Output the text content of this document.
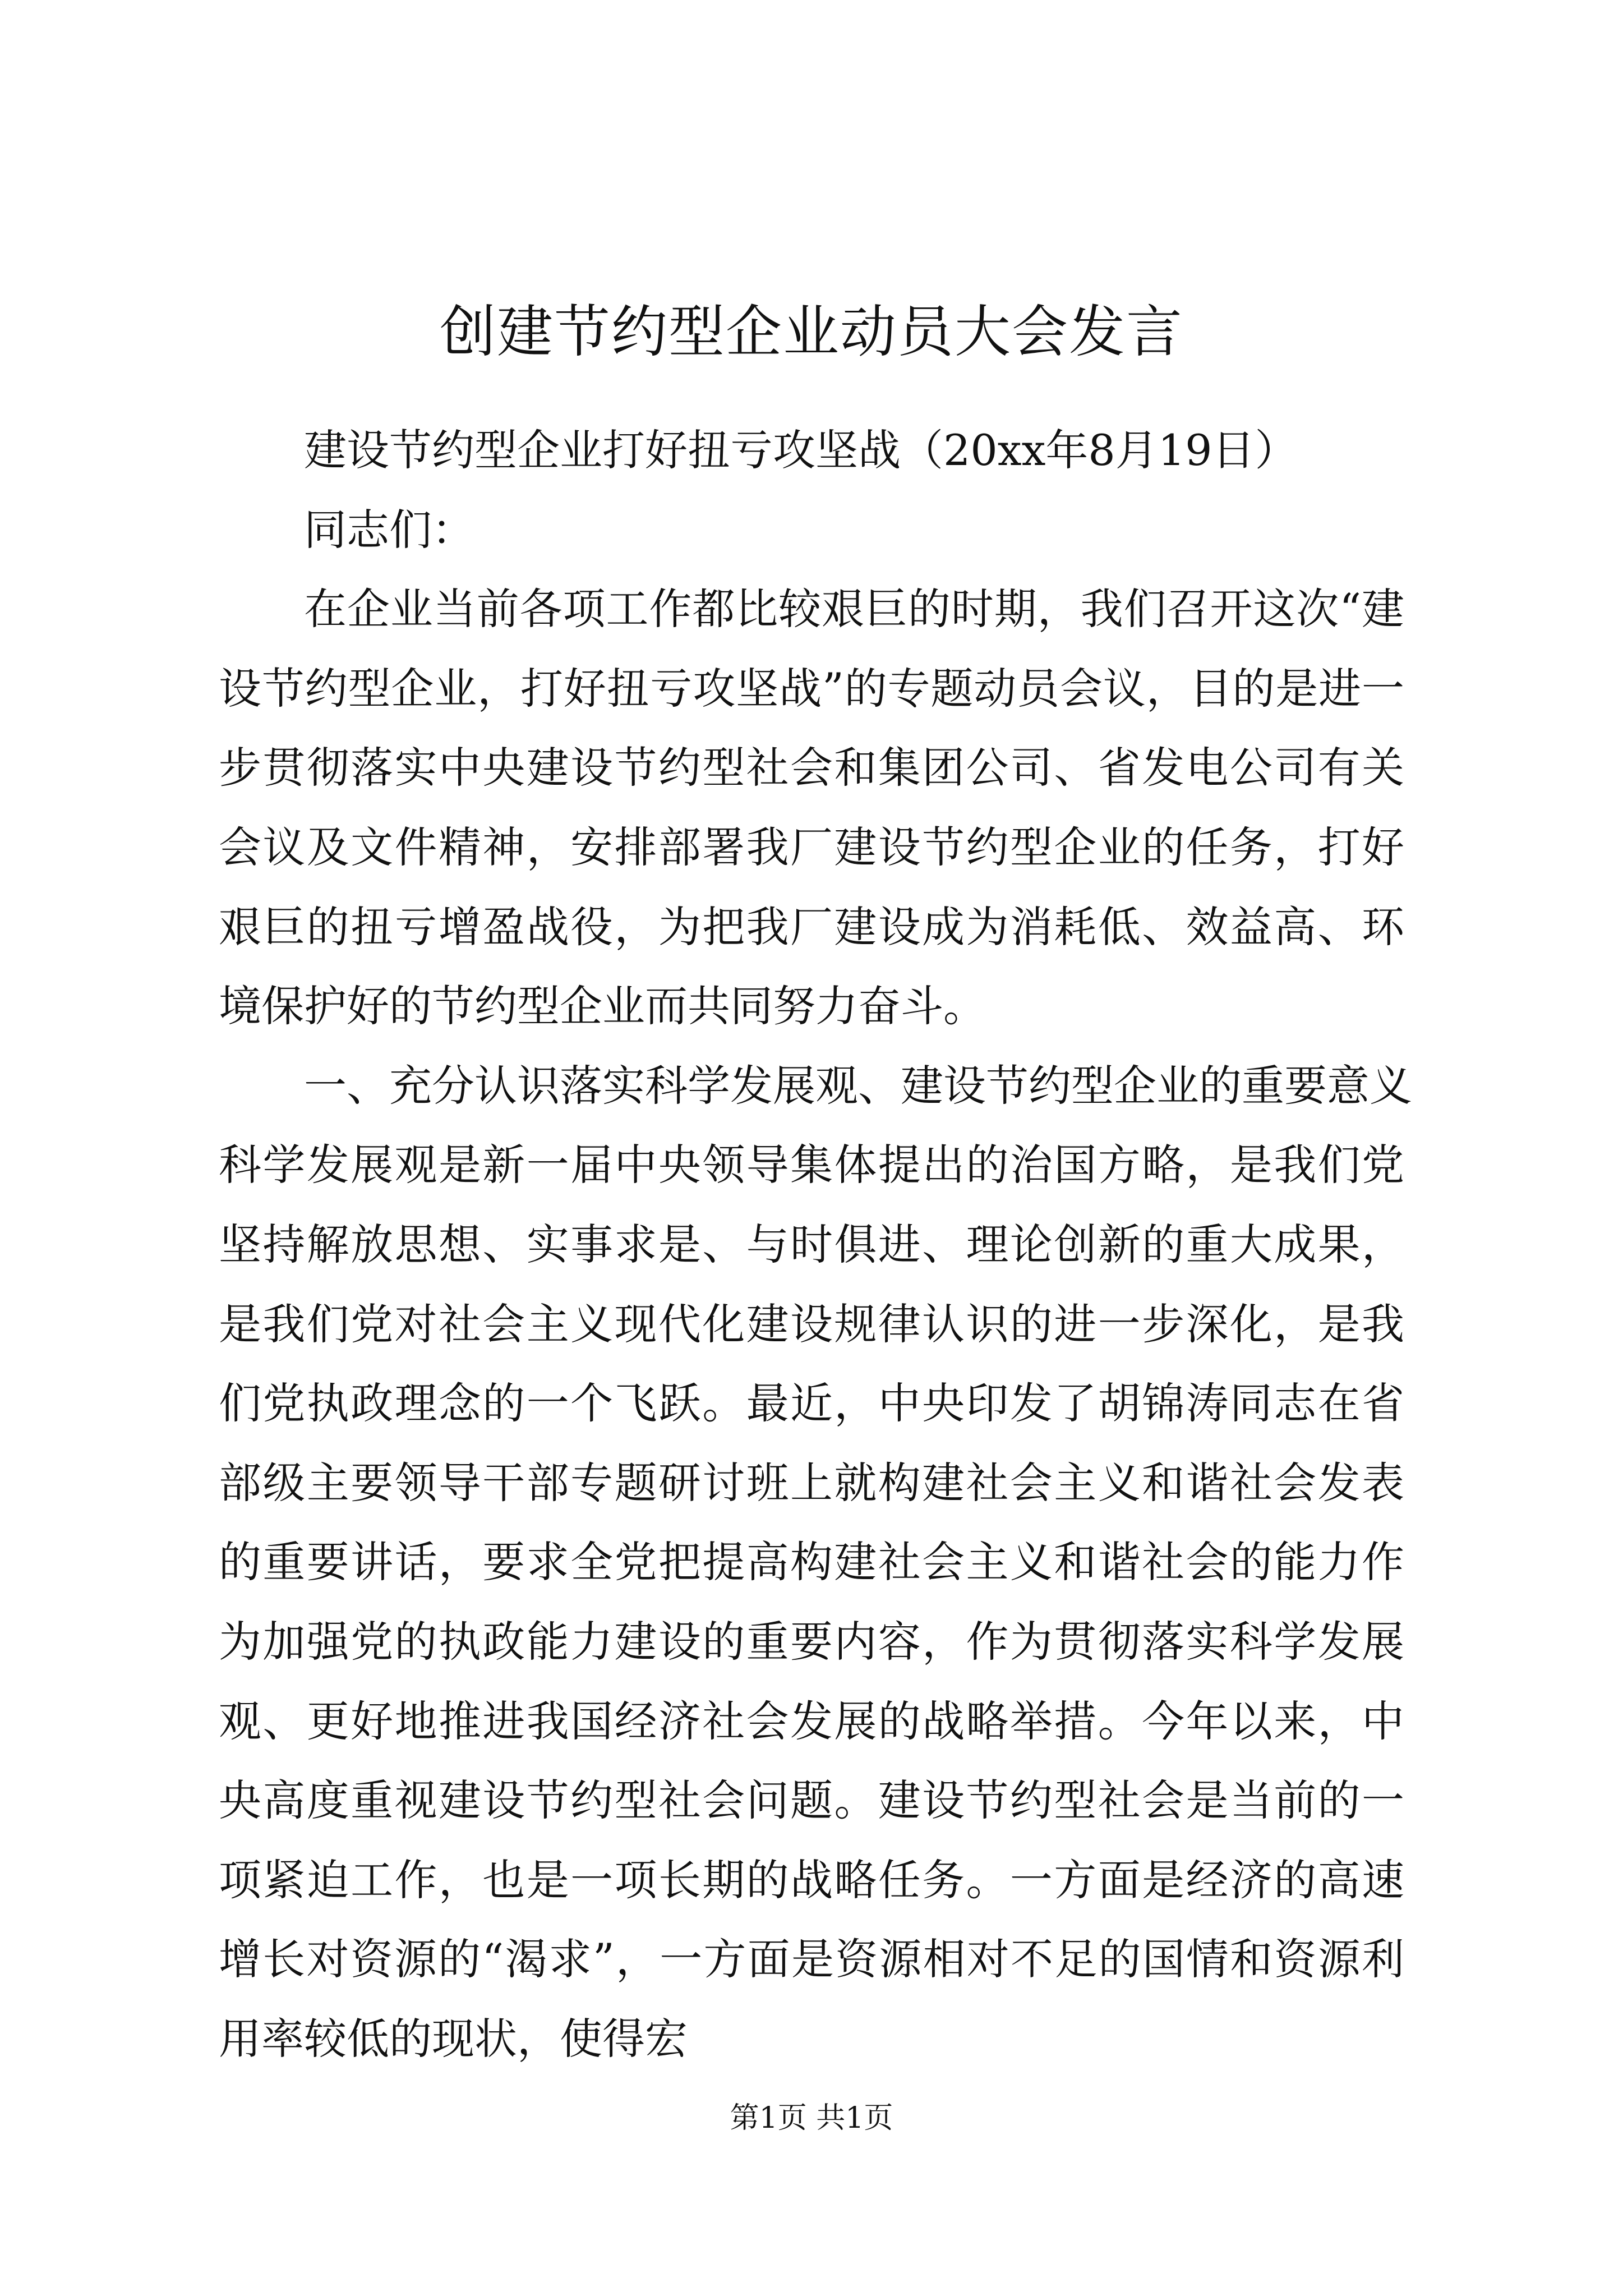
创建节约型企业动员大会发言

建设节约型企业打好扭亏攻坚战（20xx年8月19日）

同志们：

在企业当前各项工作都比较艰巨的时期，我们召开这次“建设节约型企业，打好扭亏攻坚战”的专题动员会议，目的是进一步贯彻落实中央建设节约型社会和集团公司、省发电公司有关会议及文件精神，安排部署我厂建设节约型企业的任务，打好艰巨的扭亏增盈战役，为把我厂建设成为消耗低、效益高、环境保护好的节约型企业而共同努力奋斗。

一、充分认识落实科学发展观、建设节约型企业的重要意义

科学发展观是新一届中央领导集体提出的治国方略，是我们党坚持解放思想、实事求是、与时俱进、理论创新的重大成果，是我们党对社会主义现代化建设规律认识的进一步深化，是我们党执政理念的一个飞跃。最近，中央印发了胡锦涛同志在省部级主要领导干部专题研讨班上就构建社会主义和谐社会发表的重要讲话，要求全党把提高构建社会主义和谐社会的能力作为加强党的执政能力建设的重要内容，作为贯彻落实科学发展观、更好地推进我国经济社会发展的战略举措。今年以来，中央高度重视建设节约型社会问题。建设节约型社会是当前的一项紧迫工作，也是一项长期的战略任务。一方面是经济的高速增长对资源的“渴求”，一方面是资源相对不足的国情和资源利用率较低的现状，使得宏

第1页 共1页
